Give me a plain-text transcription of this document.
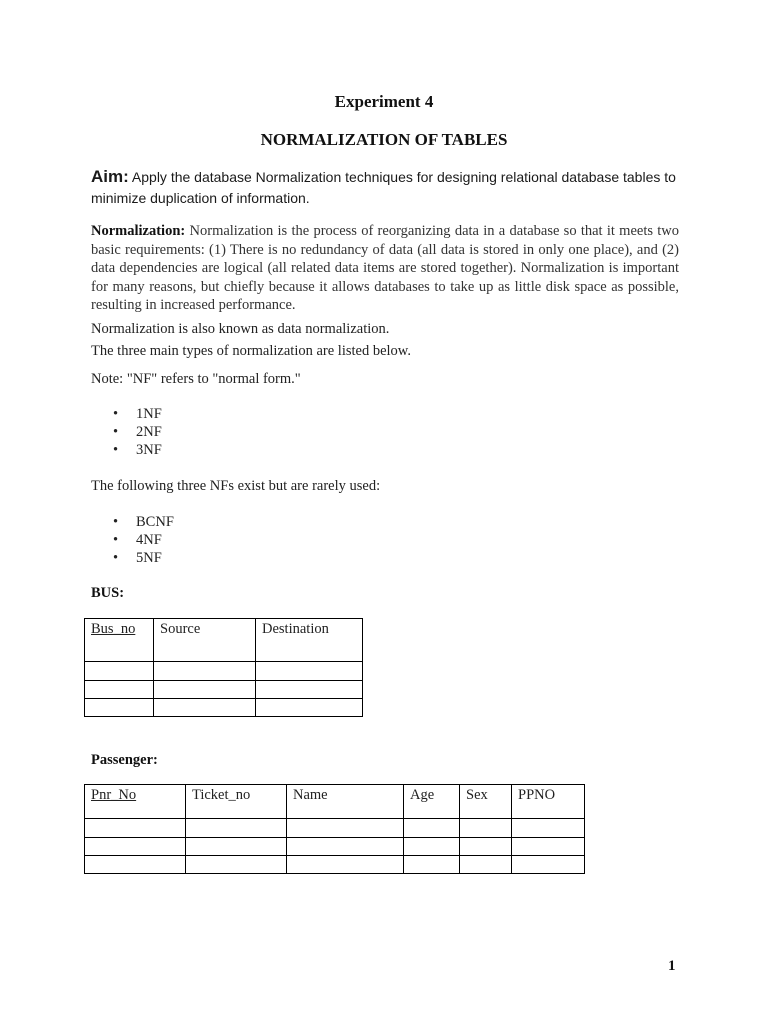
Experiment 4
NORMALIZATION OF TABLES
Aim: Apply the database Normalization techniques for designing relational database tables to minimize duplication of information.
Normalization: Normalization is the process of reorganizing data in a database so that it meets two basic requirements: (1) There is no redundancy of data (all data is stored in only one place), and (2) data dependencies are logical (all related data items are stored together). Normalization is important for many reasons, but chiefly because it allows databases to take up as little disk space as possible, resulting in increased performance.
Normalization is also known as data normalization.
The three main types of normalization are listed below.
Note: "NF" refers to "normal form."
• 1NF
• 2NF
• 3NF
The following three NFs exist but are rarely used:
• BCNF
• 4NF
• 5NF
BUS:
Bus_no	Source	Destination

Passenger:
Pnr_No	Ticket_no	Name	Age	Sex	PPNO

1
